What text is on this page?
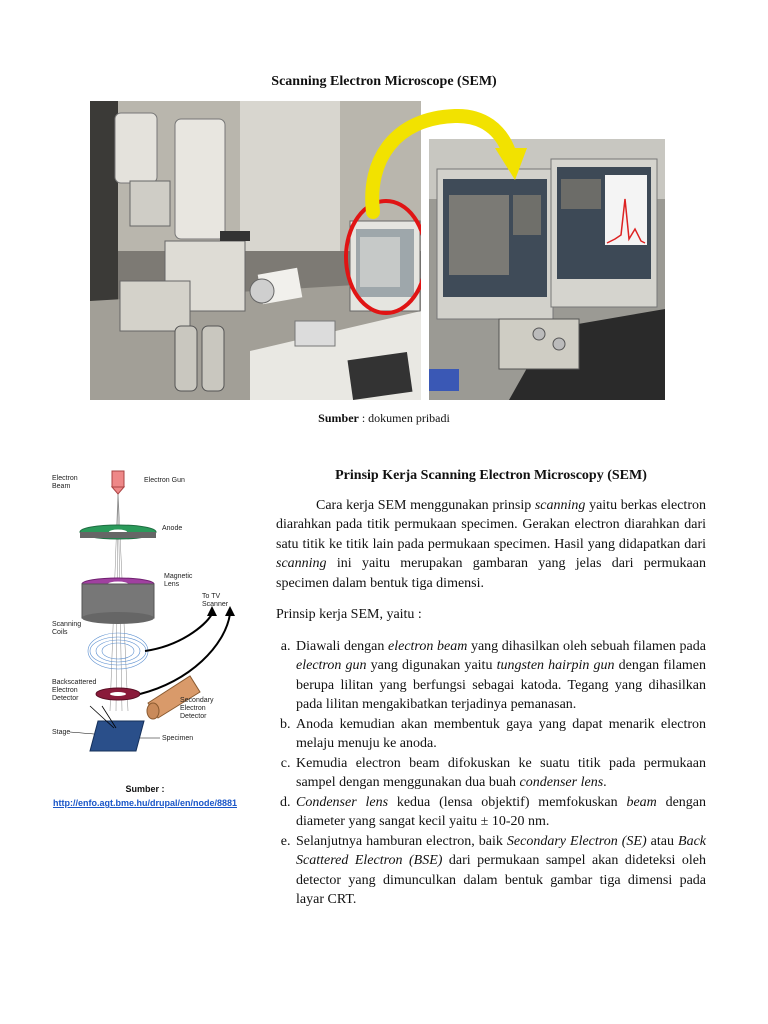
Scanning Electron Microscope (SEM)
Sumber : dokumen pribadi
Electron Beam
Electron Gun
Anode
Magnetic Lens
To TV Scanner
Scanning Coils
Backscattered Electron Detector	Secondary Electron Detector
Stage
Specimen
Sumber :
http://enfo.agt.bme.hu/drupal/en/node/8881
Prinsip Kerja Scanning Electron Microscopy (SEM)

Cara kerja SEM menggunakan prinsip scanning yaitu berkas electron diarahkan pada titik permukaan specimen. Gerakan electron diarahkan dari satu titik ke titik lain pada permukaan specimen. Hasil yang didapatkan dari scanning ini yaitu merupakan gambaran yang jelas dari permukaan specimen dalam bentuk tiga dimensi.

Prinsip kerja SEM, yaitu :

a. Diawali dengan electron beam yang dihasilkan oleh sebuah filamen pada electron gun yang digunakan yaitu tungsten hairpin gun dengan filamen berupa lilitan yang berfungsi sebagai katoda. Tegang yang dihasilkan pada lilitan mengakibatkan terjadinya pemanasan.
b. Anoda kemudian akan membentuk gaya yang dapat menarik electron melaju menuju ke anoda.
c. Kemudia electron beam difokuskan ke suatu titik pada permukaan sampel dengan menggunakan dua buah condenser lens.
d. Condenser lens kedua (lensa objektif) memfokuskan beam dengan diameter yang sangat kecil yaitu ± 10-20 nm.
e. Selanjutnya hamburan electron, baik Secondary Electron (SE) atau Back Scattered Electron (BSE) dari permukaan sampel akan dideteksi oleh detector yang dimunculkan dalam bentuk gambar tiga dimensi pada layar CRT.
